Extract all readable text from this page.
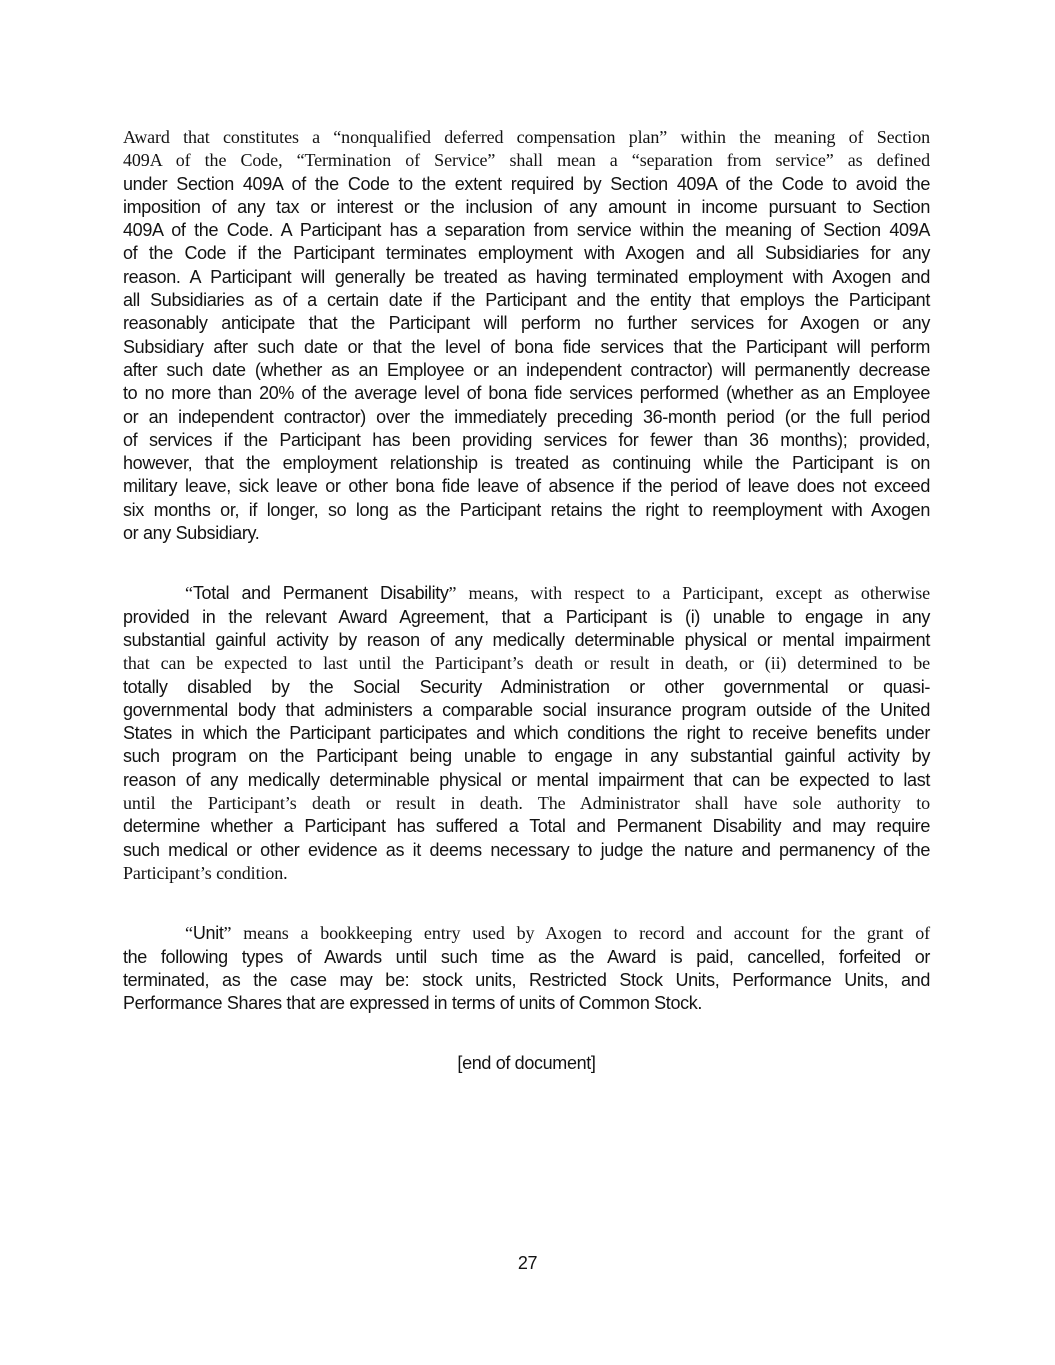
Award that constitutes a “nonqualified deferred compensation plan” within the meaning of Section
409A of the Code, “Termination of Service” shall mean a “separation from service” as defined
under Section 409A of the Code to the extent required by Section 409A of the Code to avoid the
imposition of any tax or interest or the inclusion of any amount in income pursuant to Section
409A of the Code. A Participant has a separation from service within the meaning of Section 409A
of the Code if the Participant terminates employment with Axogen and all Subsidiaries for any
reason. A Participant will generally be treated as having terminated employment with Axogen and
all Subsidiaries as of a certain date if the Participant and the entity that employs the Participant
reasonably anticipate that the Participant will perform no further services for Axogen or any
Subsidiary after such date or that the level of bona fide services that the Participant will perform
after such date (whether as an Employee or an independent contractor) will permanently decrease
to no more than 20% of the average level of bona fide services performed (whether as an Employee
or an independent contractor) over the immediately preceding 36-month period (or the full period
of services if the Participant has been providing services for fewer than 36 months); provided,
however, that the employment relationship is treated as continuing while the Participant is on
military leave, sick leave or other bona fide leave of absence if the period of leave does not exceed
six months or, if longer, so long as the Participant retains the right to reemployment with Axogen
or any Subsidiary.
“Total and Permanent Disability” means, with respect to a Participant, except as otherwise
provided in the relevant Award Agreement, that a Participant is (i) unable to engage in any
substantial gainful activity by reason of any medically determinable physical or mental impairment
that can be expected to last until the Participant’s death or result in death, or (ii) determined to be
totally disabled by the Social Security Administration or other governmental or quasi-
governmental body that administers a comparable social insurance program outside of the United
States in which the Participant participates and which conditions the right to receive benefits under
such program on the Participant being unable to engage in any substantial gainful activity by
reason of any medically determinable physical or mental impairment that can be expected to last
until the Participant’s death or result in death. The Administrator shall have sole authority to
determine whether a Participant has suffered a Total and Permanent Disability and may require
such medical or other evidence as it deems necessary to judge the nature and permanency of the
Participant’s condition.
“Unit” means a bookkeeping entry used by Axogen to record and account for the grant of
the following types of Awards until such time as the Award is paid, cancelled, forfeited or
terminated, as the case may be: stock units, Restricted Stock Units, Performance Units, and
Performance Shares that are expressed in terms of units of Common Stock.
[end of document]
27
